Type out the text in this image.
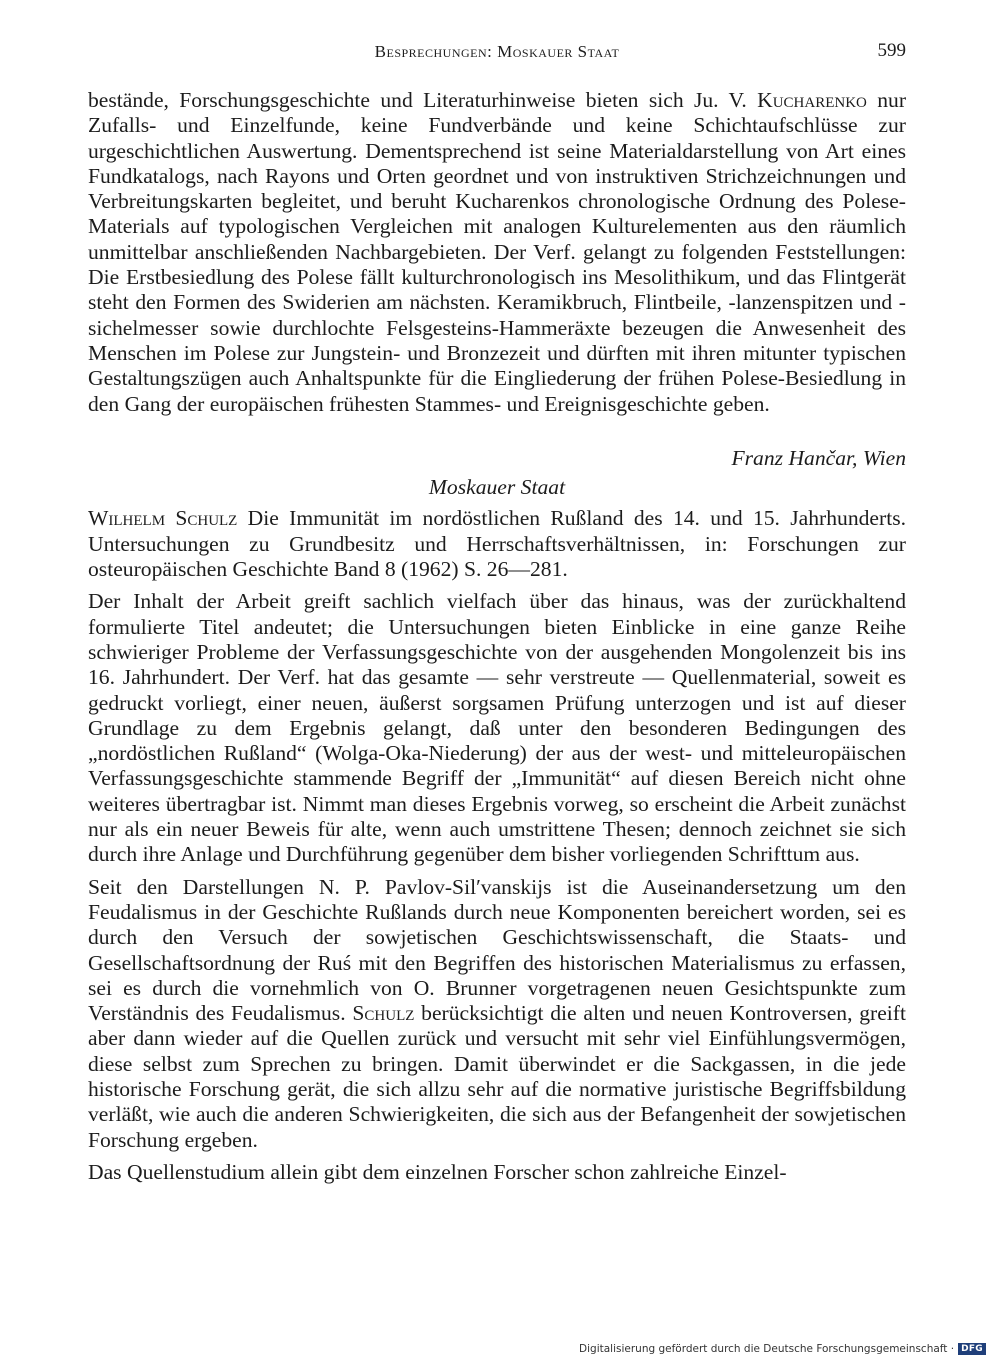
Besprechungen: Moskauer Staat	599

bestände, Forschungsgeschichte und Literaturhinweise bieten sich Ju. V. Kucharenko nur Zufalls- und Einzelfunde, keine Fundverbände und keine Schichtaufschlüsse zur urgeschichtlichen Auswertung. Dementsprechend ist seine Materialdarstellung von Art eines Fundkatalogs, nach Rayons und Orten geordnet und von instruktiven Strichzeichnungen und Verbreitungskarten begleitet, und beruht Kucharenkos chronologische Ordnung des Polesе-Materials auf typologischen Vergleichen mit analogen Kulturelementen aus den räumlich unmittelbar anschließenden Nachbargebieten. Der Verf. gelangt zu folgenden Feststellungen: Die Erstbesiedlung des Polesе fällt kulturchronologisch ins Mesolithikum, und das Flintgerät steht den Formen des Swiderien am nächsten. Keramikbruch, Flintbeile, -lanzenspitzen und -sichelmesser sowie durchlochte Felsgesteins-Hammeräxte bezeugen die Anwesenheit des Menschen im Polesе zur Jungstein- und Bronzezeit und dürften mit ihren mitunter typischen Gestaltungszügen auch Anhaltspunkte für die Eingliederung der frühen Polesе-Besiedlung in den Gang der europäischen frühesten Stammes- und Ereignisgeschichte geben.

Franz Hančar, Wien

Moskauer Staat

Wilhelm Schulz Die Immunität im nordöstlichen Rußland des 14. und 15. Jahrhunderts. Untersuchungen zu Grundbesitz und Herrschaftsverhältnissen, in: Forschungen zur osteuropäischen Geschichte Band 8 (1962) S. 26—281.

Der Inhalt der Arbeit greift sachlich vielfach über das hinaus, was der zurückhaltend formulierte Titel andeutet; die Untersuchungen bieten Einblicke in eine ganze Reihe schwieriger Probleme der Verfassungsgeschichte von der ausgehenden Mongolenzeit bis ins 16. Jahrhundert. Der Verf. hat das gesamte — sehr verstreute — Quellenmaterial, soweit es gedruckt vorliegt, einer neuen, äußerst sorgsamen Prüfung unterzogen und ist auf dieser Grundlage zu dem Ergebnis gelangt, daß unter den besonderen Bedingungen des „nordöstlichen Rußland“ (Wolga-Oka-Niederung) der aus der west- und mitteleuropäischen Verfassungsgeschichte stammende Begriff der „Immunität“ auf diesen Bereich nicht ohne weiteres übertragbar ist. Nimmt man dieses Ergebnis vorweg, so erscheint die Arbeit zunächst nur als ein neuer Beweis für alte, wenn auch umstrittene Thesen; dennoch zeichnet sie sich durch ihre Anlage und Durchführung gegenüber dem bisher vorliegenden Schrifttum aus.

Seit den Darstellungen N. P. Pavlov-Silʹvanskijs ist die Auseinandersetzung um den Feudalismus in der Geschichte Rußlands durch neue Komponenten bereichert worden, sei es durch den Versuch der sowjetischen Geschichtswissenschaft, die Staats- und Gesellschaftsordnung der Ruś mit den Begriffen des historischen Materialismus zu erfassen, sei es durch die vornehmlich von O. Brunner vorgetragenen neuen Gesichtspunkte zum Verständnis des Feudalismus. Schulz berücksichtigt die alten und neuen Kontroversen, greift aber dann wieder auf die Quellen zurück und versucht mit sehr viel Einfühlungsvermögen, diese selbst zum Sprechen zu bringen. Damit überwindet er die Sackgassen, in die jede historische Forschung gerät, die sich allzu sehr auf die normative juristische Begriffsbildung verläßt, wie auch die anderen Schwierigkeiten, die sich aus der Befangenheit der sowjetischen Forschung ergeben.

Das Quellenstudium allein gibt dem einzelnen Forscher schon zahlreiche Einzel-

Digitalisierung gefördert durch die Deutsche Forschungsgemeinschaft · DFG
